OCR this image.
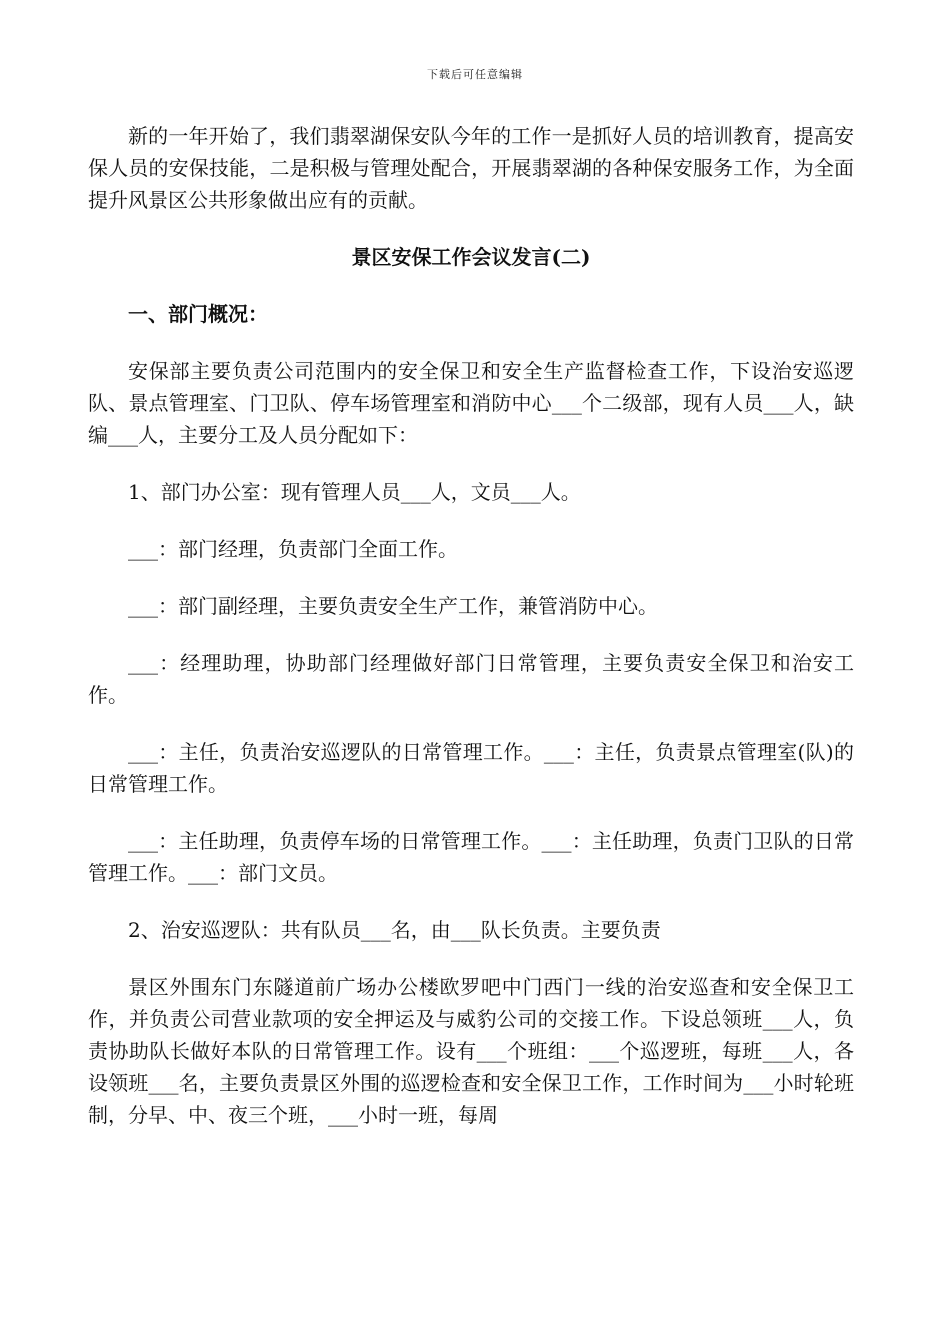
下载后可任意编辑

新的一年开始了，我们翡翠湖保安队今年的工作一是抓好人员的培训教育，提高安保人员的安保技能，二是积极与管理处配合，开展翡翠湖的各种保安服务工作，为全面提升风景区公共形象做出应有的贡献。

景区安保工作会议发言(二)

一、部门概况：

安保部主要负责公司范围内的安全保卫和安全生产监督检查工作，下设治安巡逻队、景点管理室、门卫队、停车场管理室和消防中心___个二级部，现有人员___人，缺编___人，主要分工及人员分配如下：

1、部门办公室：现有管理人员___人，文员___人。

___：部门经理，负责部门全面工作。

___：部门副经理，主要负责安全生产工作，兼管消防中心。

___：经理助理，协助部门经理做好部门日常管理，主要负责安全保卫和治安工作。

___：主任，负责治安巡逻队的日常管理工作。___：主任，负责景点管理室(队)的日常管理工作。

___：主任助理，负责停车场的日常管理工作。___：主任助理，负责门卫队的日常管理工作。___：部门文员。

2、治安巡逻队：共有队员___名，由___队长负责。主要负责

景区外围东门东隧道前广场办公楼欧罗吧中门西门一线的治安巡查和安全保卫工作，并负责公司营业款项的安全押运及与威豹公司的交接工作。下设总领班___人，负责协助队长做好本队的日常管理工作。设有___个班组：___个巡逻班，每班___人，各设领班___名，主要负责景区外围的巡逻检查和安全保卫工作，工作时间为___小时轮班制，分早、中、夜三个班，___小时一班，每周
